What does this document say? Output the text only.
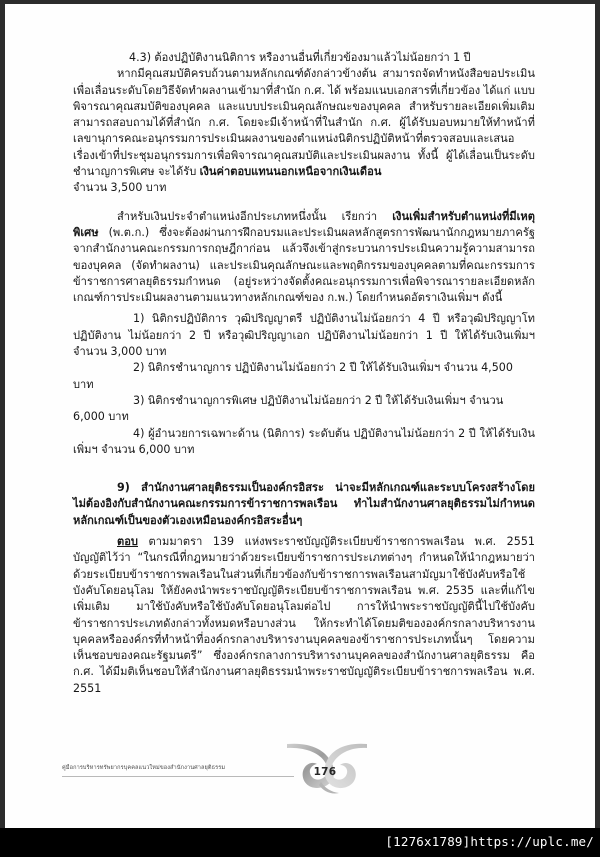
4.3) ต้องปฏิบัติงานนิติการ หรืองานอื่นที่เกี่ยวข้องมาแล้วไม่น้อยกว่า 1 ปี

หากมีคุณสมบัติครบถ้วนตามหลักเกณฑ์ดังกล่าวข้างต้น สามารถจัดทำหนังสือขอประเมินเพื่อเลื่อนระดับโดยวิธีจัดทำผลงานเข้ามาที่สำนัก ก.ศ. ได้ พร้อมแนบเอกสารที่เกี่ยวข้อง ได้แก่ แบบพิจารณาคุณสมบัติของบุคคล และแบบประเมินคุณลักษณะของบุคคล สำหรับรายละเอียดเพิ่มเติมสามารถสอบถามได้ที่สำนัก ก.ศ. โดยจะมีเจ้าหน้าที่ในสำนัก ก.ศ. ผู้ได้รับมอบหมายให้ทำหน้าที่เลขานุการคณะอนุกรรมการประเมินผลงานของตำแหน่งนิติกรปฏิบัติหน้าที่ตรวจสอบและเสนอเรื่องเข้าที่ประชุมอนุกรรมการเพื่อพิจารณาคุณสมบัติและประเมินผลงาน ทั้งนี้ ผู้ได้เลื่อนเป็นระดับชำนาญการพิเศษ จะได้รับ เงินค่าตอบแทนนอกเหนือจากเงินเดือน

จำนวน 3,500 บาท

สำหรับเงินประจำตำแหน่งอีกประเภทหนึ่งนั้น เรียกว่า เงินเพิ่มสำหรับตำแหน่งที่มีเหตุพิเศษ (พ.ต.ก.) ซึ่งจะต้องผ่านการฝึกอบรมและประเมินผลหลักสูตรการพัฒนานักกฎหมายภาครัฐจากสำนักงานคณะกรรมการกฤษฎีกาก่อน แล้วจึงเข้าสู่กระบวนการประเมินความรู้ความสามารถของบุคคล (จัดทำผลงาน) และประเมินคุณลักษณะและพฤติกรรมของบุคคลตามที่คณะกรรมการข้าราชการศาลยุติธรรมกำหนด (อยู่ระหว่างจัดตั้งคณะอนุกรรมการเพื่อพิจารณารายละเอียดหลักเกณฑ์การประเมินผลงานตามแนวทางหลักเกณฑ์ของ ก.พ.) โดยกำหนดอัตราเงินเพิ่มฯ ดังนี้

1) นิติกรปฏิบัติการ วุฒิปริญญาตรี ปฏิบัติงานไม่น้อยกว่า 4 ปี หรือวุฒิปริญญาโท ปฏิบัติงาน ไม่น้อยกว่า 2 ปี หรือวุฒิปริญญาเอก ปฏิบัติงานไม่น้อยกว่า 1 ปี ให้ได้รับเงินเพิ่มฯ จำนวน 3,000 บาท

2) นิติกรชำนาญการ ปฏิบัติงานไม่น้อยกว่า 2 ปี ให้ได้รับเงินเพิ่มฯ จำนวน 4,500 บาท

3) นิติกรชำนาญการพิเศษ ปฏิบัติงานไม่น้อยกว่า 2 ปี ให้ได้รับเงินเพิ่มฯ จำนวน 6,000 บาท

4) ผู้อำนวยการเฉพาะด้าน (นิติการ) ระดับต้น ปฏิบัติงานไม่น้อยกว่า 2 ปี ให้ได้รับเงินเพิ่มฯ จำนวน 6,000 บาท

9) สำนักงานศาลยุติธรรมเป็นองค์กรอิสระ น่าจะมีหลักเกณฑ์และระบบโครงสร้างโดย ไม่ต้องอิงกับสำนักงานคณะกรรมการข้าราชการพลเรือน ทำไมสำนักงานศาลยุติธรรมไม่กำหนดหลักเกณฑ์เป็นของตัวเองเหมือนองค์กรอิสระอื่นๆ

ตอบ ตามมาตรา 139 แห่งพระราชบัญญัติระเบียบข้าราชการพลเรือน พ.ศ. 2551 บัญญัติไว้ว่า “ในกรณีที่กฎหมายว่าด้วยระเบียบข้าราชการประเภทต่างๆ กำหนดให้นำกฎหมายว่าด้วยระเบียบข้าราชการพลเรือนในส่วนที่เกี่ยวข้องกับข้าราชการพลเรือนสามัญมาใช้บังคับหรือใช้บังคับโดยอนุโลม ให้ยังคงนำพระราชบัญญัติระเบียบข้าราชการพลเรือน พ.ศ. 2535 และที่แก้ไขเพิ่มเติม มาใช้บังคับหรือใช้บังคับโดยอนุโลมต่อไป การให้นำพระราชบัญญัตินี้ไปใช้บังคับข้าราชการประเภทดังกล่าวทั้งหมดหรือบางส่วน ให้กระทำได้โดยมติขององค์กรกลางบริหารงานบุคคลหรือองค์กรที่ทำหน้าที่องค์กรกลางบริหารงานบุคคลของข้าราชการประเภทนั้นๆ โดยความเห็นชอบของคณะรัฐมนตรี” ซึ่งองค์กรกลางการบริหารงานบุคคลของสำนักงานศาลยุติธรรม คือ ก.ศ. ได้มีมติเห็นชอบให้สำนักงานศาลยุติธรรมนำพระราชบัญญัติระเบียบข้าราชการพลเรือน พ.ศ. 2551

คู่มือการบริหารทรัพยากรบุคคลแนวใหม่ของสำนักงานศาลยุติธรรม	176
[1276x1789]https://uplc.me/
